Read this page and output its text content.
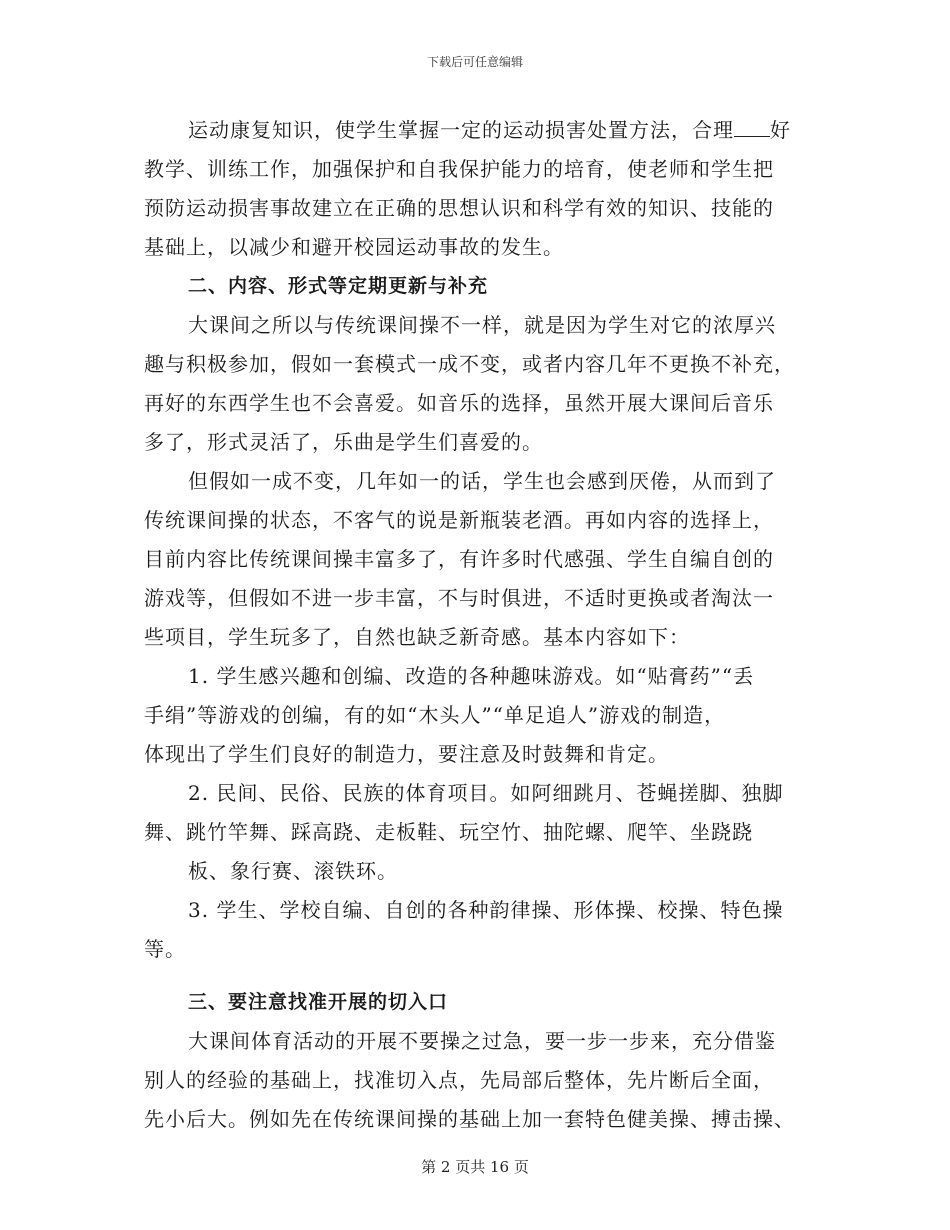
下载后可任意编辑
运动康复知识，使学生掌握一定的运动损害处置方法，合理 好
教学、训练工作，加强保护和自我保护能力的培育，使老师和学生把
预防运动损害事故建立在正确的思想认识和科学有效的知识、技能的
基础上，以减少和避开校园运动事故的发生。
二、内容、形式等定期更新与补充
大课间之所以与传统课间操不一样，就是因为学生对它的浓厚兴
趣与积极参加，假如一套模式一成不变，或者内容几年不更换不补充，
再好的东西学生也不会喜爱。如音乐的选择，虽然开展大课间后音乐
多了，形式灵活了，乐曲是学生们喜爱的。
但假如一成不变，几年如一的话，学生也会感到厌倦，从而到了
传统课间操的状态，不客气的说是新瓶装老酒。再如内容的选择上，
目前内容比传统课间操丰富多了，有许多时代感强、学生自编自创的
游戏等，但假如不进一步丰富，不与时俱进，不适时更换或者淘汰一
些项目，学生玩多了，自然也缺乏新奇感。基本内容如下：
1. 学生感兴趣和创编、改造的各种趣味游戏。如“贴膏药”“丢
手绢”等游戏的创编，有的如“木头人”“单足追人”游戏的制造，
体现出了学生们良好的制造力，要注意及时鼓舞和肯定。
2. 民间、民俗、民族的体育项目。如阿细跳月、苍蝇搓脚、独脚
舞、跳竹竿舞、踩高跷、走板鞋、玩空竹、抽陀螺、爬竿、坐跷跷
板、象行赛、滚铁环。
3. 学生、学校自编、自创的各种韵律操、形体操、校操、特色操
等。
三、要注意找准开展的切入口
大课间体育活动的开展不要操之过急，要一步一步来，充分借鉴
别人的经验的基础上，找准切入点，先局部后整体，先片断后全面，
先小后大。例如先在传统课间操的基础上加一套特色健美操、搏击操、
第 2 页共 16 页
